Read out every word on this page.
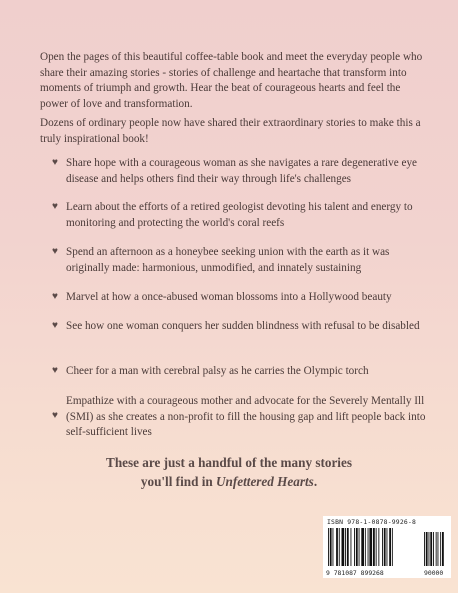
Open the pages of this beautiful coffee-table book and meet the everyday people who share their amazing stories - stories of challenge and heartache that transform into moments of triumph and growth. Hear the beat of courageous hearts and feel the power of love and transformation.

Dozens of ordinary people now have shared their extraordinary stories to make this a truly inspirational book!

♥ Share hope with a courageous woman as she navigates a rare degenerative eye disease and helps others find their way through life's challenges
♥ Learn about the efforts of a retired geologist devoting his talent and energy to monitoring and protecting the world's coral reefs
♥ Spend an afternoon as a honeybee seeking union with the earth as it was originally made: harmonious, unmodified, and innately sustaining
♥ Marvel at how a once-abused woman blossoms into a Hollywood beauty
♥ See how one woman conquers her sudden blindness with refusal to be disabled
♥ Cheer for a man with cerebral palsy as he carries the Olympic torch
♥
Empathize with a courageous mother and advocate for the Severely Mentally Ill (SMI) as she creates a non-profit to fill the housing gap and lift people back into self-sufficient lives
These are just a handful of the many stories
you'll find in Unfettered Hearts.
ISBN 978-1-0878-9926-8
9 781087 899268	90000
